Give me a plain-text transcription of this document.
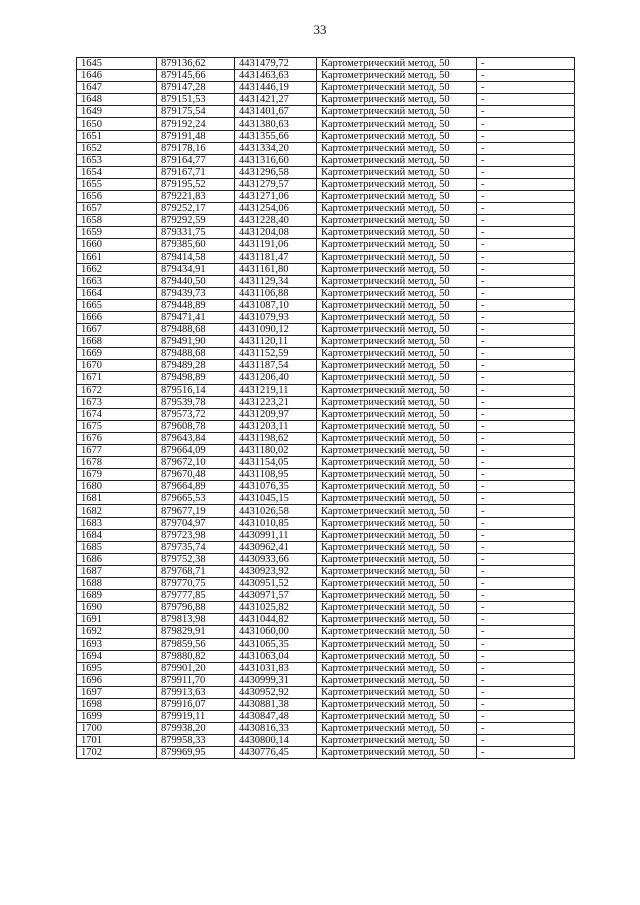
33
1645	879136,62	4431479,72	Картометрический метод, 50	-
1646	879145,66	4431463,63	Картометрический метод, 50	-
1647	879147,28	4431446,19	Картометрический метод, 50	-
1648	879151,53	4431421,27	Картометрический метод, 50	-
1649	879175,54	4431401,67	Картометрический метод, 50	-
1650	879192,24	4431380,63	Картометрический метод, 50	-
1651	879191,48	4431355,66	Картометрический метод, 50	-
1652	879178,16	4431334,20	Картометрический метод, 50	-
1653	879164,77	4431316,60	Картометрический метод, 50	-
1654	879167,71	4431296,58	Картометрический метод, 50	-
1655	879195,52	4431279,57	Картометрический метод, 50	-
1656	879221,83	4431271,06	Картометрический метод, 50	-
1657	879252,17	4431254,06	Картометрический метод, 50	-
1658	879292,59	4431228,40	Картометрический метод, 50	-
1659	879331,75	4431204,08	Картометрический метод, 50	-
1660	879385,60	4431191,06	Картометрический метод, 50	-
1661	879414,58	4431181,47	Картометрический метод, 50	-
1662	879434,91	4431161,80	Картометрический метод, 50	-
1663	879440,50	4431129,34	Картометрический метод, 50	-
1664	879439,73	4431106,88	Картометрический метод, 50	-
1665	879448,89	4431087,10	Картометрический метод, 50	-
1666	879471,41	4431079,93	Картометрический метод, 50	-
1667	879488,68	4431090,12	Картометрический метод, 50	-
1668	879491,90	4431120,11	Картометрический метод, 50	-
1669	879488,68	4431152,59	Картометрический метод, 50	-
1670	879489,28	4431187,54	Картометрический метод, 50	-
1671	879498,89	4431206,40	Картометрический метод, 50	-
1672	879516,14	4431219,11	Картометрический метод, 50	-
1673	879539,78	4431223,21	Картометрический метод, 50	-
1674	879573,72	4431209,97	Картометрический метод, 50	-
1675	879608,78	4431203,11	Картометрический метод, 50	-
1676	879643,84	4431198,62	Картометрический метод, 50	-
1677	879664,09	4431180,02	Картометрический метод, 50	-
1678	879672,10	4431154,05	Картометрический метод, 50	-
1679	879670,48	4431108,95	Картометрический метод, 50	-
1680	879664,89	4431076,35	Картометрический метод, 50	-
1681	879665,53	4431045,15	Картометрический метод, 50	-
1682	879677,19	4431026,58	Картометрический метод, 50	-
1683	879704,97	4431010,85	Картометрический метод, 50	-
1684	879723,98	4430991,11	Картометрический метод, 50	-
1685	879735,74	4430962,41	Картометрический метод, 50	-
1686	879752,38	4430933,66	Картометрический метод, 50	-
1687	879768,71	4430923,92	Картометрический метод, 50	-
1688	879770,75	4430951,52	Картометрический метод, 50	-
1689	879777,85	4430971,57	Картометрический метод, 50	-
1690	879796,88	4431025,82	Картометрический метод, 50	-
1691	879813,98	4431044,82	Картометрический метод, 50	-
1692	879829,91	4431060,00	Картометрический метод, 50	-
1693	879859,56	4431065,35	Картометрический метод, 50	-
1694	879880,82	4431063,04	Картометрический метод, 50	-
1695	879901,20	4431031,83	Картометрический метод, 50	-
1696	879911,70	4430999,31	Картометрический метод, 50	-
1697	879913,63	4430952,92	Картометрический метод, 50	-
1698	879916,07	4430881,38	Картометрический метод, 50	-
1699	879919,11	4430847,48	Картометрический метод, 50	-
1700	879938,20	4430816,33	Картометрический метод, 50	-
1701	879958,33	4430800,14	Картометрический метод, 50	-
1702	879969,95	4430776,45	Картометрический метод, 50	-
